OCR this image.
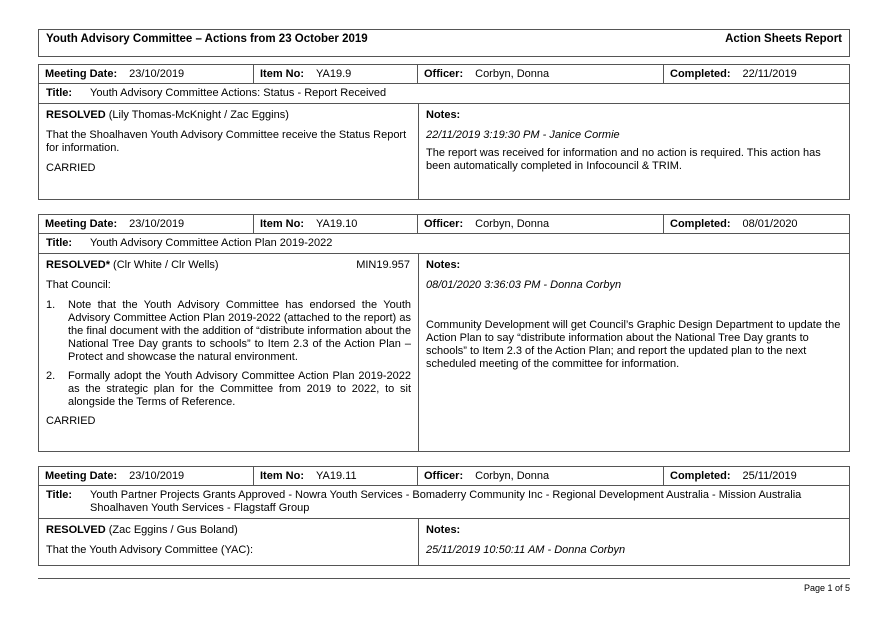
Youth Advisory Committee – Actions from 23 October 2019	Action Sheets Report
Meeting Date: 23/10/2019	Item No: YA19.9	Officer: Corbyn, Donna	Completed: 22/11/2019
Title:	Youth Advisory Committee Actions: Status - Report Received

RESOLVED (Lily Thomas-McKnight / Zac Eggins)

That the Shoalhaven Youth Advisory Committee receive the Status Report for information.

CARRIED

Notes:

22/11/2019 3:19:30 PM - Janice Cormie

The report was received for information and no action is required. This action has been automatically completed in Infocouncil & TRIM.

Meeting Date: 23/10/2019	Item No: YA19.10	Officer: Corbyn, Donna	Completed: 08/01/2020
Title:	Youth Advisory Committee Action Plan 2019-2022

RESOLVED* (Clr White / Clr Wells)	MIN19.957

That Council:

1.	Note that the Youth Advisory Committee has endorsed the Youth Advisory Committee Action Plan 2019-2022 (attached to the report) as the final document with the addition of “distribute information about the National Tree Day grants to schools” to Item 2.3 of the Action Plan – Protect and showcase the natural environment.
2.	Formally adopt the Youth Advisory Committee Action Plan 2019-2022 as the strategic plan for the Committee from 2019 to 2022, to sit alongside the Terms of Reference.

CARRIED

Notes:

08/01/2020 3:36:03 PM - Donna Corbyn

Community Development will get Council’s Graphic Design Department to update the Action Plan to say “distribute information about the National Tree Day grants to schools” to Item 2.3 of the Action Plan; and report the updated plan to the next scheduled meeting of the committee for information.

Meeting Date: 23/10/2019	Item No: YA19.11	Officer: Corbyn, Donna	Completed: 25/11/2019
Title:	Youth Partner Projects Grants Approved - Nowra Youth Services - Bomaderry Community Inc - Regional Development Australia - Mission Australia Shoalhaven Youth Services - Flagstaff Group

RESOLVED (Zac Eggins / Gus Boland)

That the Youth Advisory Committee (YAC):

Notes:

25/11/2019 10:50:11 AM - Donna Corbyn

Page 1 of 5
